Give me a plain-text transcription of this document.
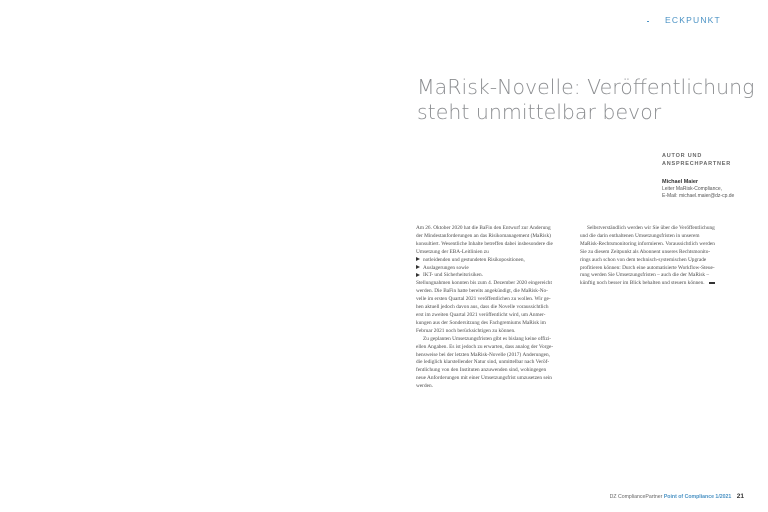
ECKPUNKT
MaRisk-Novelle: Veröffentlichung
steht unmittelbar bevor
AUTOR UND
ANSPRECHPARTNER
Michael Maier
Leiter MaRisk-Compliance,
E-Mail: michael.maier@dz-cp.de

Am 26. Oktober 2020 hat die BaFin den Entwurf zur Änderung
der Mindestanforderungen an das Risikomanagement (MaRisk)
konsultiert. Wesentliche Inhalte betreffen dabei insbesondere die
Umsetzung der EBA-Leitlinien zu

notleidenden und gestundeten Risikopositionen,
Auslagerungen sowie
IKT- und Sicherheitsrisiken.

Stellungnahmen konnten bis zum 4. Dezember 2020 eingereicht
werden. Die BaFin hatte bereits angekündigt, die MaRisk-No-
velle im ersten Quartal 2021 veröffentlichen zu wollen. Wir ge-
hen aktuell jedoch davon aus, dass die Novelle voraussichtlich
erst im zweiten Quartal 2021 veröffentlicht wird, um Anmer-
kungen aus der Sondersitzung des Fachgremiums MaRisk im
Februar 2021 noch berücksichtigen zu können.

Zu geplanten Umsetzungsfristen gibt es bislang keine offizi-
ellen Angaben. Es ist jedoch zu erwarten, dass analog der Vorge-
hensweise bei der letzten MaRisk-Novelle (2017) Änderungen,
die lediglich klarstellender Natur sind, unmittelbar nach Veröf-
fentlichung von den Instituten anzuwenden sind, wohingegen
neue Anforderungen mit einer Umsetzungsfrist umzusetzen sein
werden.

Selbstverständlich werden wir Sie über die Veröffentlichung
und die darin enthaltenen Umsetzungsfristen in unserem
MaRisk-Rechtsmonitoring informieren. Voraussichtlich werden
Sie zu diesem Zeitpunkt als Abonnent unseres Rechtsmonito-
rings auch schon von dem technisch-systemischen Upgrade
profitieren können: Durch eine automatisierte Workflow-Steue-
rung werden Sie Umsetzungsfristen – auch die der MaRisk –
künftig noch besser im Blick behalten und steuern können.

DZ CompliancePartner Point of Compliance 1/2021 21
